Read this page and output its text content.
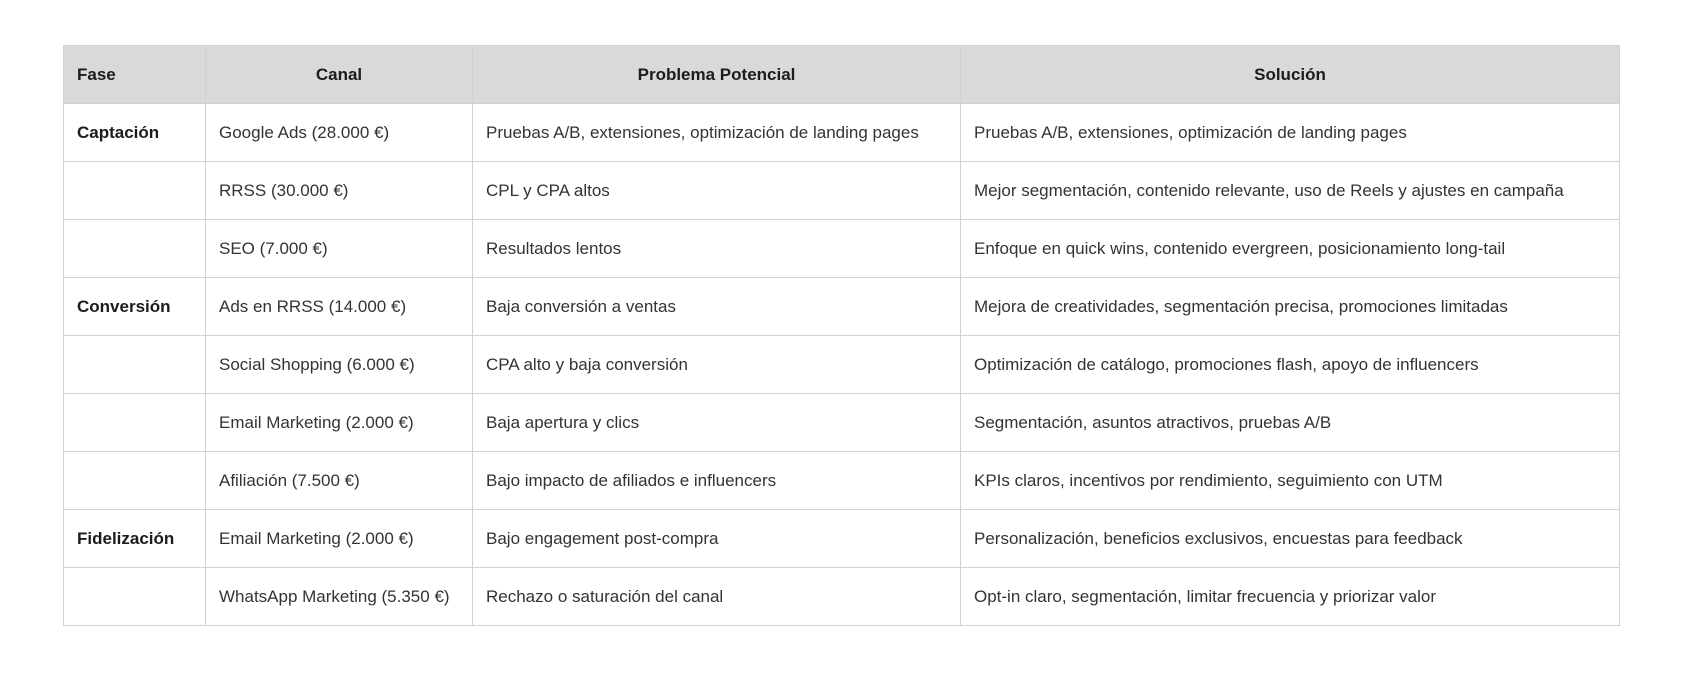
Fase	Canal	Problema Potencial	Solución
Captación	Google Ads (28.000 €)	Pruebas A/B, extensiones, optimización de landing pages	Pruebas A/B, extensiones, optimización de landing pages
	RRSS (30.000 €)	CPL y CPA altos	Mejor segmentación, contenido relevante, uso de Reels y ajustes en campaña
	SEO (7.000 €)	Resultados lentos	Enfoque en quick wins, contenido evergreen, posicionamiento long-tail
Conversión	Ads en RRSS (14.000 €)	Baja conversión a ventas	Mejora de creatividades, segmentación precisa, promociones limitadas
	Social Shopping (6.000 €)	CPA alto y baja conversión	Optimización de catálogo, promociones flash, apoyo de influencers
	Email Marketing (2.000 €)	Baja apertura y clics	Segmentación, asuntos atractivos, pruebas A/B
	Afiliación (7.500 €)	Bajo impacto de afiliados e influencers	KPIs claros, incentivos por rendimiento, seguimiento con UTM
Fidelización	Email Marketing (2.000 €)	Bajo engagement post-compra	Personalización, beneficios exclusivos, encuestas para feedback
	WhatsApp Marketing (5.350 €)	Rechazo o saturación del canal	Opt-in claro, segmentación, limitar frecuencia y priorizar valor
